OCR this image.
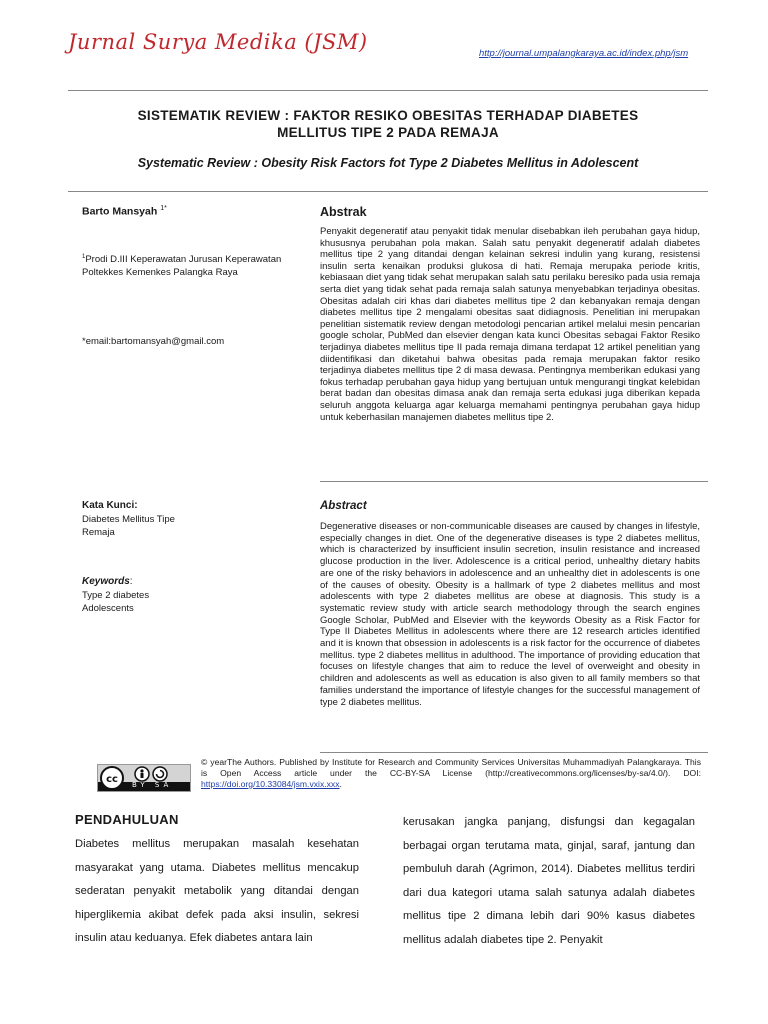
Jurnal Surya Medika (JSM)	http://journal.umpalangkaraya.ac.id/index.php/jsm
SISTEMATIK REVIEW : FAKTOR RESIKO OBESITAS TERHADAP DIABETES
MELLITUS TIPE 2 PADA REMAJA
Systematic Review : Obesity Risk Factors fot Type 2 Diabetes Mellitus in Adolescent
Barto Mansyah $^{1*}$
$^1$Prodi D.III Keperawatan Jurusan Keperawatan Poltekkes Kemenkes Palangka Raya
*email:bartomansyah@gmail.com
Abstrak
Penyakit degeneratif atau penyakit tidak menular disebabkan ileh perubahan gaya hidup, khususnya perubahan pola makan. Salah satu penyakit degeneratif adalah diabetes mellitus tipe 2 yang ditandai dengan kelainan sekresi indulin yang kurang, resistensi insulin serta kenaikan produksi glukosa di hati. Remaja merupaka periode kritis, kebiasaan diet yang tidak sehat merupakan salah satu perilaku beresiko pada usia remaja serta diet yang tidak sehat pada remaja salah satunya menyebabkan terjadinya obesitas. Obesitas adalah ciri khas dari diabetes mellitus tipe 2 dan kebanyakan remaja dengan diabetes mellitus tipe 2 mengalami obesitas saat didiagnosis. Penelitian ini merupakan penelitian sistematik review dengan metodologi pencarian artikel melalui mesin pencarian google scholar, PubMed dan elsevier dengan kata kunci Obesitas sebagai Faktor Resiko terjadinya diabetes mellitus tipe II pada remaja dimana terdapat 12 artikel penelitian yang diidentifikasi dan diketahui bahwa obesitas pada remaja merupakan faktor resiko terjadinya diabetes mellitus tipe 2 di masa dewasa. Pentingnya memberikan edukasi yang fokus terhadap perubahan gaya hidup yang bertujuan untuk mengurangi tingkat kelebidan berat badan dan obesitas dimasa anak dan remaja serta edukasi juga diberikan kepada seluruh anggota keluarga agar keluarga memahami pentingnya perubahan gaya hidup untuk keberhasilan manajemen diabetes mellitus tipe 2.
Kata Kunci:
Diabetes Mellitus Tipe
Remaja
Keywords:
Type 2 diabetes
Adolescents
Abstract
Degenerative diseases or non-communicable diseases are caused by changes in lifestyle, especially changes in diet. One of the degenerative diseases is type 2 diabetes mellitus, which is characterized by insufficient insulin secretion, insulin resistance and increased glucose production in the liver. Adolescence is a critical period, unhealthy dietary habits are one of the risky behaviors in adolescence and an unhealthy diet in adolescents is one of the causes of obesity. Obesity is a hallmark of type 2 diabetes mellitus and most adolescents with type 2 diabetes mellitus are obese at diagnosis. This study is a systematic review study with article search methodology through the search engines Google Scholar, PubMed and Elsevier with the keywords Obesity as a Risk Factor for Type II Diabetes Mellitus in adolescents where there are 12 research articles identified and it is known that obsession in adolescents is a risk factor for the occurrence of diabetes mellitus. type 2 diabetes mellitus in adulthood. The importance of providing education that focuses on lifestyle changes that aim to reduce the level of overweight and obesity in children and adolescents as well as education is also given to all family members so that families understand the importance of lifestyle changes for the successful management of type 2 diabetes mellitus.
cc BY SA
© yearThe Authors. Published by Institute for Research and Community Services Universitas Muhammadiyah Palangkaraya. This is Open Access article under the CC-BY-SA License (http://creativecommons.org/licenses/by-sa/4.0/). DOI: https://doi.org/10.33084/jsm.vxix.xxx.
PENDAHULUAN
Diabetes mellitus merupakan masalah kesehatan masyarakat yang utama. Diabetes mellitus mencakup sederatan penyakit metabolik yang ditandai dengan hiperglikemia akibat defek pada aksi insulin, sekresi insulin atau keduanya. Efek diabetes antara lain
kerusakan jangka panjang, disfungsi dan kegagalan berbagai organ terutama mata, ginjal, saraf, jantung dan pembuluh darah (Agrimon, 2014). Diabetes mellitus terdiri dari dua kategori utama salah satunya adalah diabetes mellitus tipe 2 dimana lebih dari 90% kasus diabetes mellitus adalah diabetes tipe 2. Penyakit
